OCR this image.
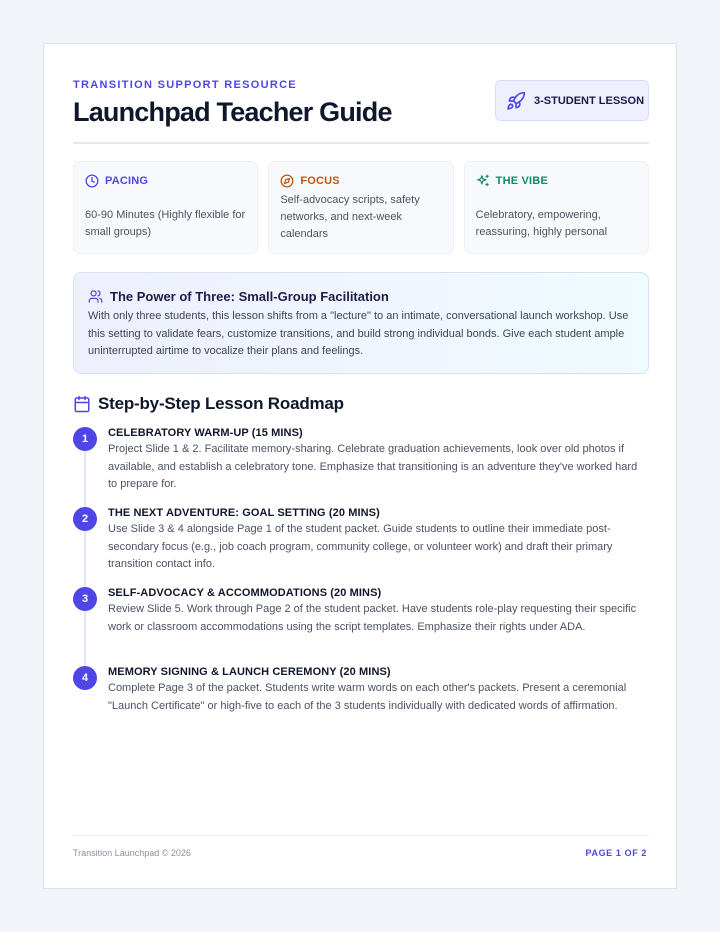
TRANSITION SUPPORT RESOURCE
Launchpad Teacher Guide	3-STUDENT LESSON
PACING
60-90 Minutes (Highly flexible for small groups)
FOCUS
Self-advocacy scripts, safety networks, and next-week calendars
THE VIBE
Celebratory, empowering, reassuring, highly personal
The Power of Three: Small-Group Facilitation

With only three students, this lesson shifts from a "lecture" to an intimate, conversational launch workshop. Use this setting to validate fears, customize transitions, and build strong individual bonds. Give each student ample uninterrupted airtime to vocalize their plans and feelings.

Step-by-Step Lesson Roadmap
1	CELEBRATORY WARM-UP (15 MINS)
Project Slide 1 & 2. Facilitate memory-sharing. Celebrate graduation achievements, look over old photos if available, and establish a celebratory tone. Emphasize that transitioning is an adventure they've worked hard to prepare for.
2	THE NEXT ADVENTURE: GOAL SETTING (20 MINS)
Use Slide 3 & 4 alongside Page 1 of the student packet. Guide students to outline their immediate post-secondary focus (e.g., job coach program, community college, or volunteer work) and draft their primary transition contact info.
3	SELF-ADVOCACY & ACCOMMODATIONS (20 MINS)
Review Slide 5. Work through Page 2 of the student packet. Have students role-play requesting their specific work or classroom accommodations using the script templates. Emphasize their rights under ADA.
4	MEMORY SIGNING & LAUNCH CEREMONY (20 MINS)
Complete Page 3 of the packet. Students write warm words on each other's packets. Present a ceremonial "Launch Certificate" or high-five to each of the 3 students individually with dedicated words of affirmation.
Transition Launchpad © 2026	PAGE 1 OF 2
